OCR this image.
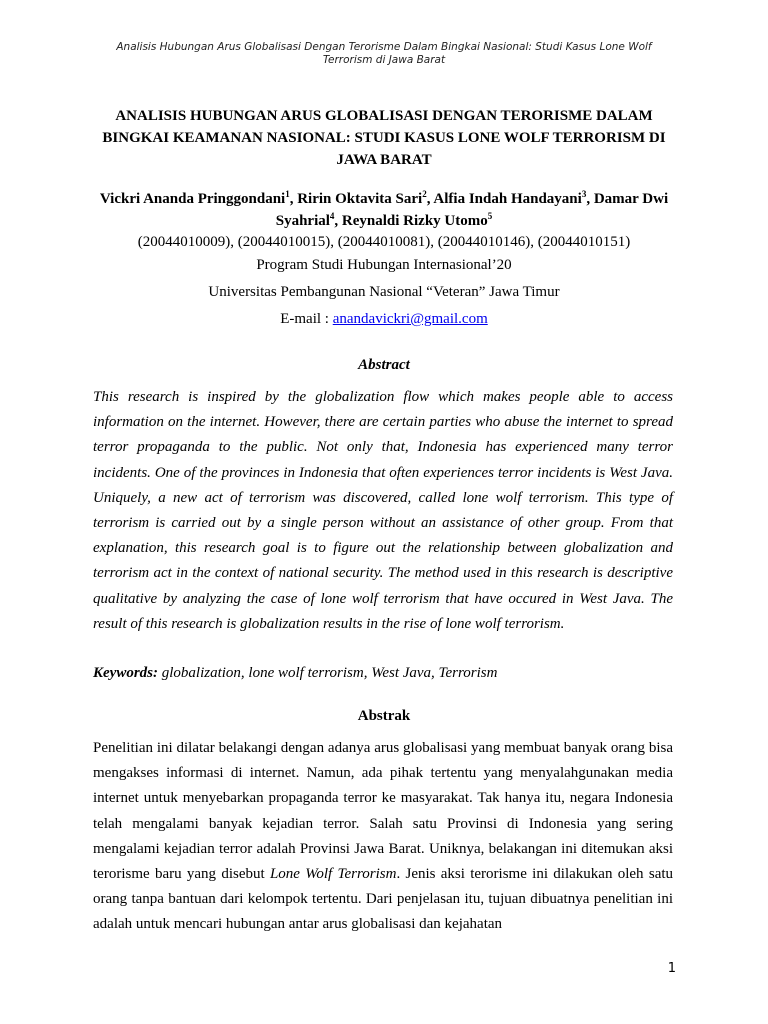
Analisis Hubungan Arus Globalisasi Dengan Terorisme Dalam Bingkai Nasional: Studi Kasus Lone Wolf Terrorism di Jawa Barat
ANALISIS HUBUNGAN ARUS GLOBALISASI DENGAN TERORISME DALAM BINGKAI KEAMANAN NASIONAL: STUDI KASUS LONE WOLF TERRORISM DI JAWA BARAT
Vickri Ananda Pringgondani$^1$, Ririn Oktavita Sari$^2$, Alfia Indah Handayani$^3$, Damar Dwi Syahrial$^4$, Reynaldi Rizky Utomo$^5$
(20044010009), (20044010015), (20044010081), (20044010146), (20044010151)
Program Studi Hubungan Internasional’20
Universitas Pembangunan Nasional “Veteran” Jawa Timur
E-mail : anandavickri@gmail.com
Abstract

This research is inspired by the globalization flow which makes people able to access information on the internet. However, there are certain parties who abuse the internet to spread terror propaganda to the public. Not only that, Indonesia has experienced many terror incidents. One of the provinces in Indonesia that often experiences terror incidents is West Java. Uniquely, a new act of terrorism was discovered, called lone wolf terrorism. This type of terrorism is carried out by a single person without an assistance of other group. From that explanation, this research goal is to figure out the relationship between globalization and terrorism act in the context of national security. The method used in this research is descriptive qualitative by analyzing the case of lone wolf terrorism that have occured in West Java. The result of this research is globalization results in the rise of lone wolf terrorism.

Keywords: globalization, lone wolf terrorism, West Java, Terrorism
Abstrak

Penelitian ini dilatar belakangi dengan adanya arus globalisasi yang membuat banyak orang bisa mengakses informasi di internet. Namun, ada pihak tertentu yang menyalahgunakan media internet untuk menyebarkan propaganda terror ke masyarakat. Tak hanya itu, negara Indonesia telah mengalami banyak kejadian terror. Salah satu Provinsi di Indonesia yang sering mengalami kejadian terror adalah Provinsi Jawa Barat. Uniknya, belakangan ini ditemukan aksi terorisme baru yang disebut Lone Wolf Terrorism. Jenis aksi terorisme ini dilakukan oleh satu orang tanpa bantuan dari kelompok tertentu. Dari penjelasan itu, tujuan dibuatnya penelitian ini adalah untuk mencari hubungan antar arus globalisasi dan kejahatan

1
